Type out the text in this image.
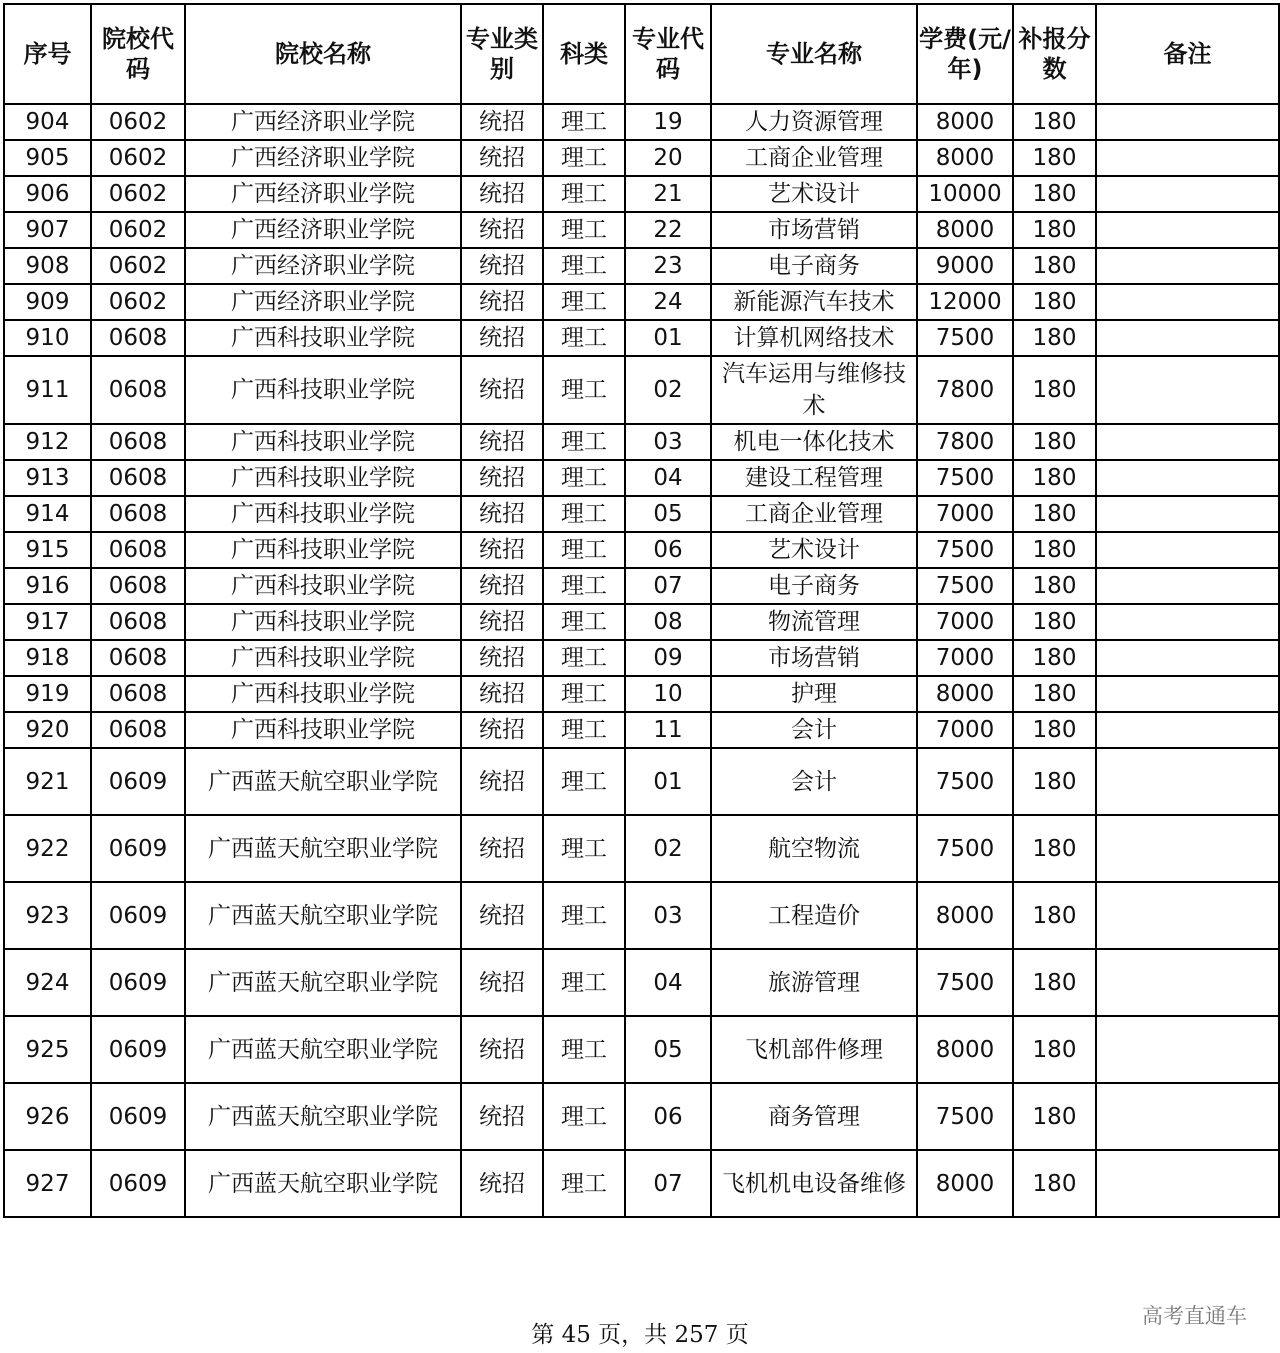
序号	院校代码	院校名称	专业类别	科类	专业代码	专业名称	学费(元/年)	补报分数	备注
904	0602	广西经济职业学院	统招	理工	19	人力资源管理	8000	180	
905	0602	广西经济职业学院	统招	理工	20	工商企业管理	8000	180	
906	0602	广西经济职业学院	统招	理工	21	艺术设计	10000	180	
907	0602	广西经济职业学院	统招	理工	22	市场营销	8000	180	
908	0602	广西经济职业学院	统招	理工	23	电子商务	9000	180	
909	0602	广西经济职业学院	统招	理工	24	新能源汽车技术	12000	180	
910	0608	广西科技职业学院	统招	理工	01	计算机网络技术	7500	180	
911	0608	广西科技职业学院	统招	理工	02	汽车运用与维修技术	7800	180	
912	0608	广西科技职业学院	统招	理工	03	机电一体化技术	7800	180	
913	0608	广西科技职业学院	统招	理工	04	建设工程管理	7500	180	
914	0608	广西科技职业学院	统招	理工	05	工商企业管理	7000	180	
915	0608	广西科技职业学院	统招	理工	06	艺术设计	7500	180	
916	0608	广西科技职业学院	统招	理工	07	电子商务	7500	180	
917	0608	广西科技职业学院	统招	理工	08	物流管理	7000	180	
918	0608	广西科技职业学院	统招	理工	09	市场营销	7000	180	
919	0608	广西科技职业学院	统招	理工	10	护理	8000	180	
920	0608	广西科技职业学院	统招	理工	11	会计	7000	180	
921	0609	广西蓝天航空职业学院	统招	理工	01	会计	7500	180	
922	0609	广西蓝天航空职业学院	统招	理工	02	航空物流	7500	180	
923	0609	广西蓝天航空职业学院	统招	理工	03	工程造价	8000	180	
924	0609	广西蓝天航空职业学院	统招	理工	04	旅游管理	7500	180	
925	0609	广西蓝天航空职业学院	统招	理工	05	飞机部件修理	8000	180	
926	0609	广西蓝天航空职业学院	统招	理工	06	商务管理	7500	180	
927	0609	广西蓝天航空职业学院	统招	理工	07	飞机机电设备维修	8000	180	
第 45 页，共 257 页
高考直通车
